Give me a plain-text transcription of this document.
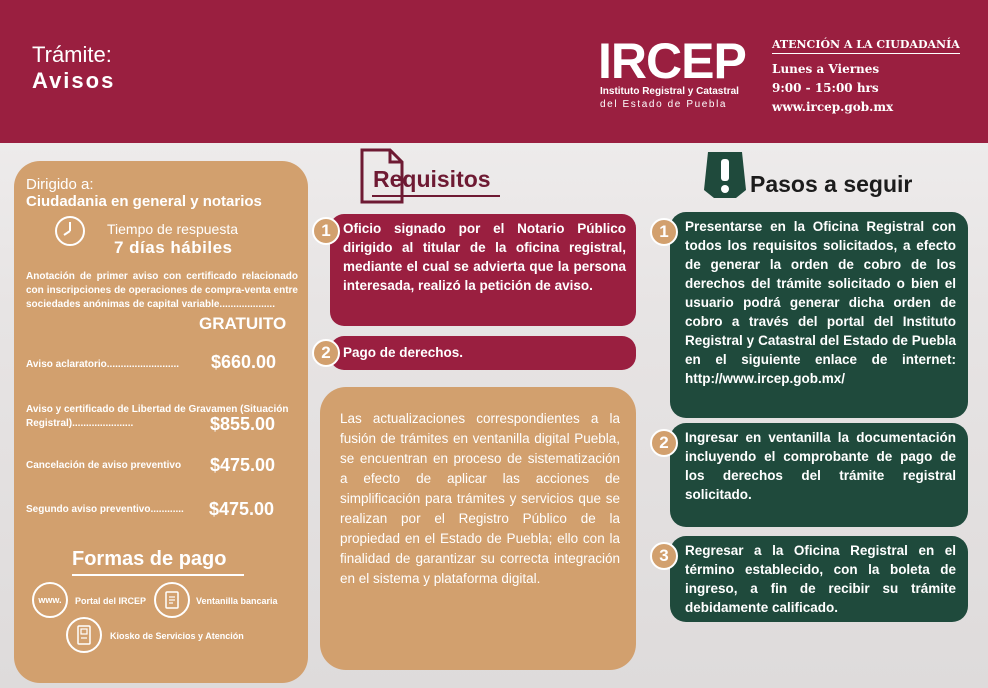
Trámite:
Avisos	IRCEP
Instituto Registral y Catastral
del Estado de Puebla
ATENCIÓN A LA CIUDADANÍA
Lunes a Viernes
9:00 - 15:00 hrs
www.ircep.gob.mx
Dirigido a:
Ciudadania en general y notarios
Tiempo de respuesta
7 días hábiles
Anotación de primer aviso con certificado relacionado con inscripciones de operaciones de compra-venta entre sociedades anónimas de capital variable....................
GRATUITO
Aviso aclaratorio.......................... $660.00
Aviso y certificado de Libertad de Gravamen (Situación Registral)......................	$855.00
Cancelación de aviso preventivo $475.00
Segundo aviso preventivo............ $475.00
Formas de pago
www. Portal del IRCEP	Ventanilla bancaria
Kiosko de Servicios y Atención
Requisitos	Pasos a seguir
Oficio signado por el Notario Público dirigido al titular de la oficina registral, mediante el cual se advierta que la persona interesada, realizó la petición de aviso.
1
Pago de derechos.
2
Las actualizaciones correspondientes a la fusión de trámites en ventanilla digital Puebla, se encuentran en proceso de sistematización a efecto de aplicar las acciones de simplificación para trámites y servicios que se realizan por el Registro Público de la propiedad en el Estado de Puebla; ello con la finalidad de garantizar su correcta integración en el sistema y plataforma digital.
Presentarse en la Oficina Registral con todos los requisitos solicitados, a efecto de generar la orden de cobro de los derechos del trámite solicitado o bien el usuario podrá generar dicha orden de cobro a través del portal del Instituto Registral y Catastral del Estado de Puebla en el siguiente enlace de internet: http://www.ircep.gob.mx/
1
Ingresar en ventanilla la documentación incluyendo el comprobante de pago de los derechos del trámite registral solicitado.
2
Regresar a la Oficina Registral en el término establecido, con la boleta de ingreso, a fin de recibir su trámite debidamente calificado.
3
